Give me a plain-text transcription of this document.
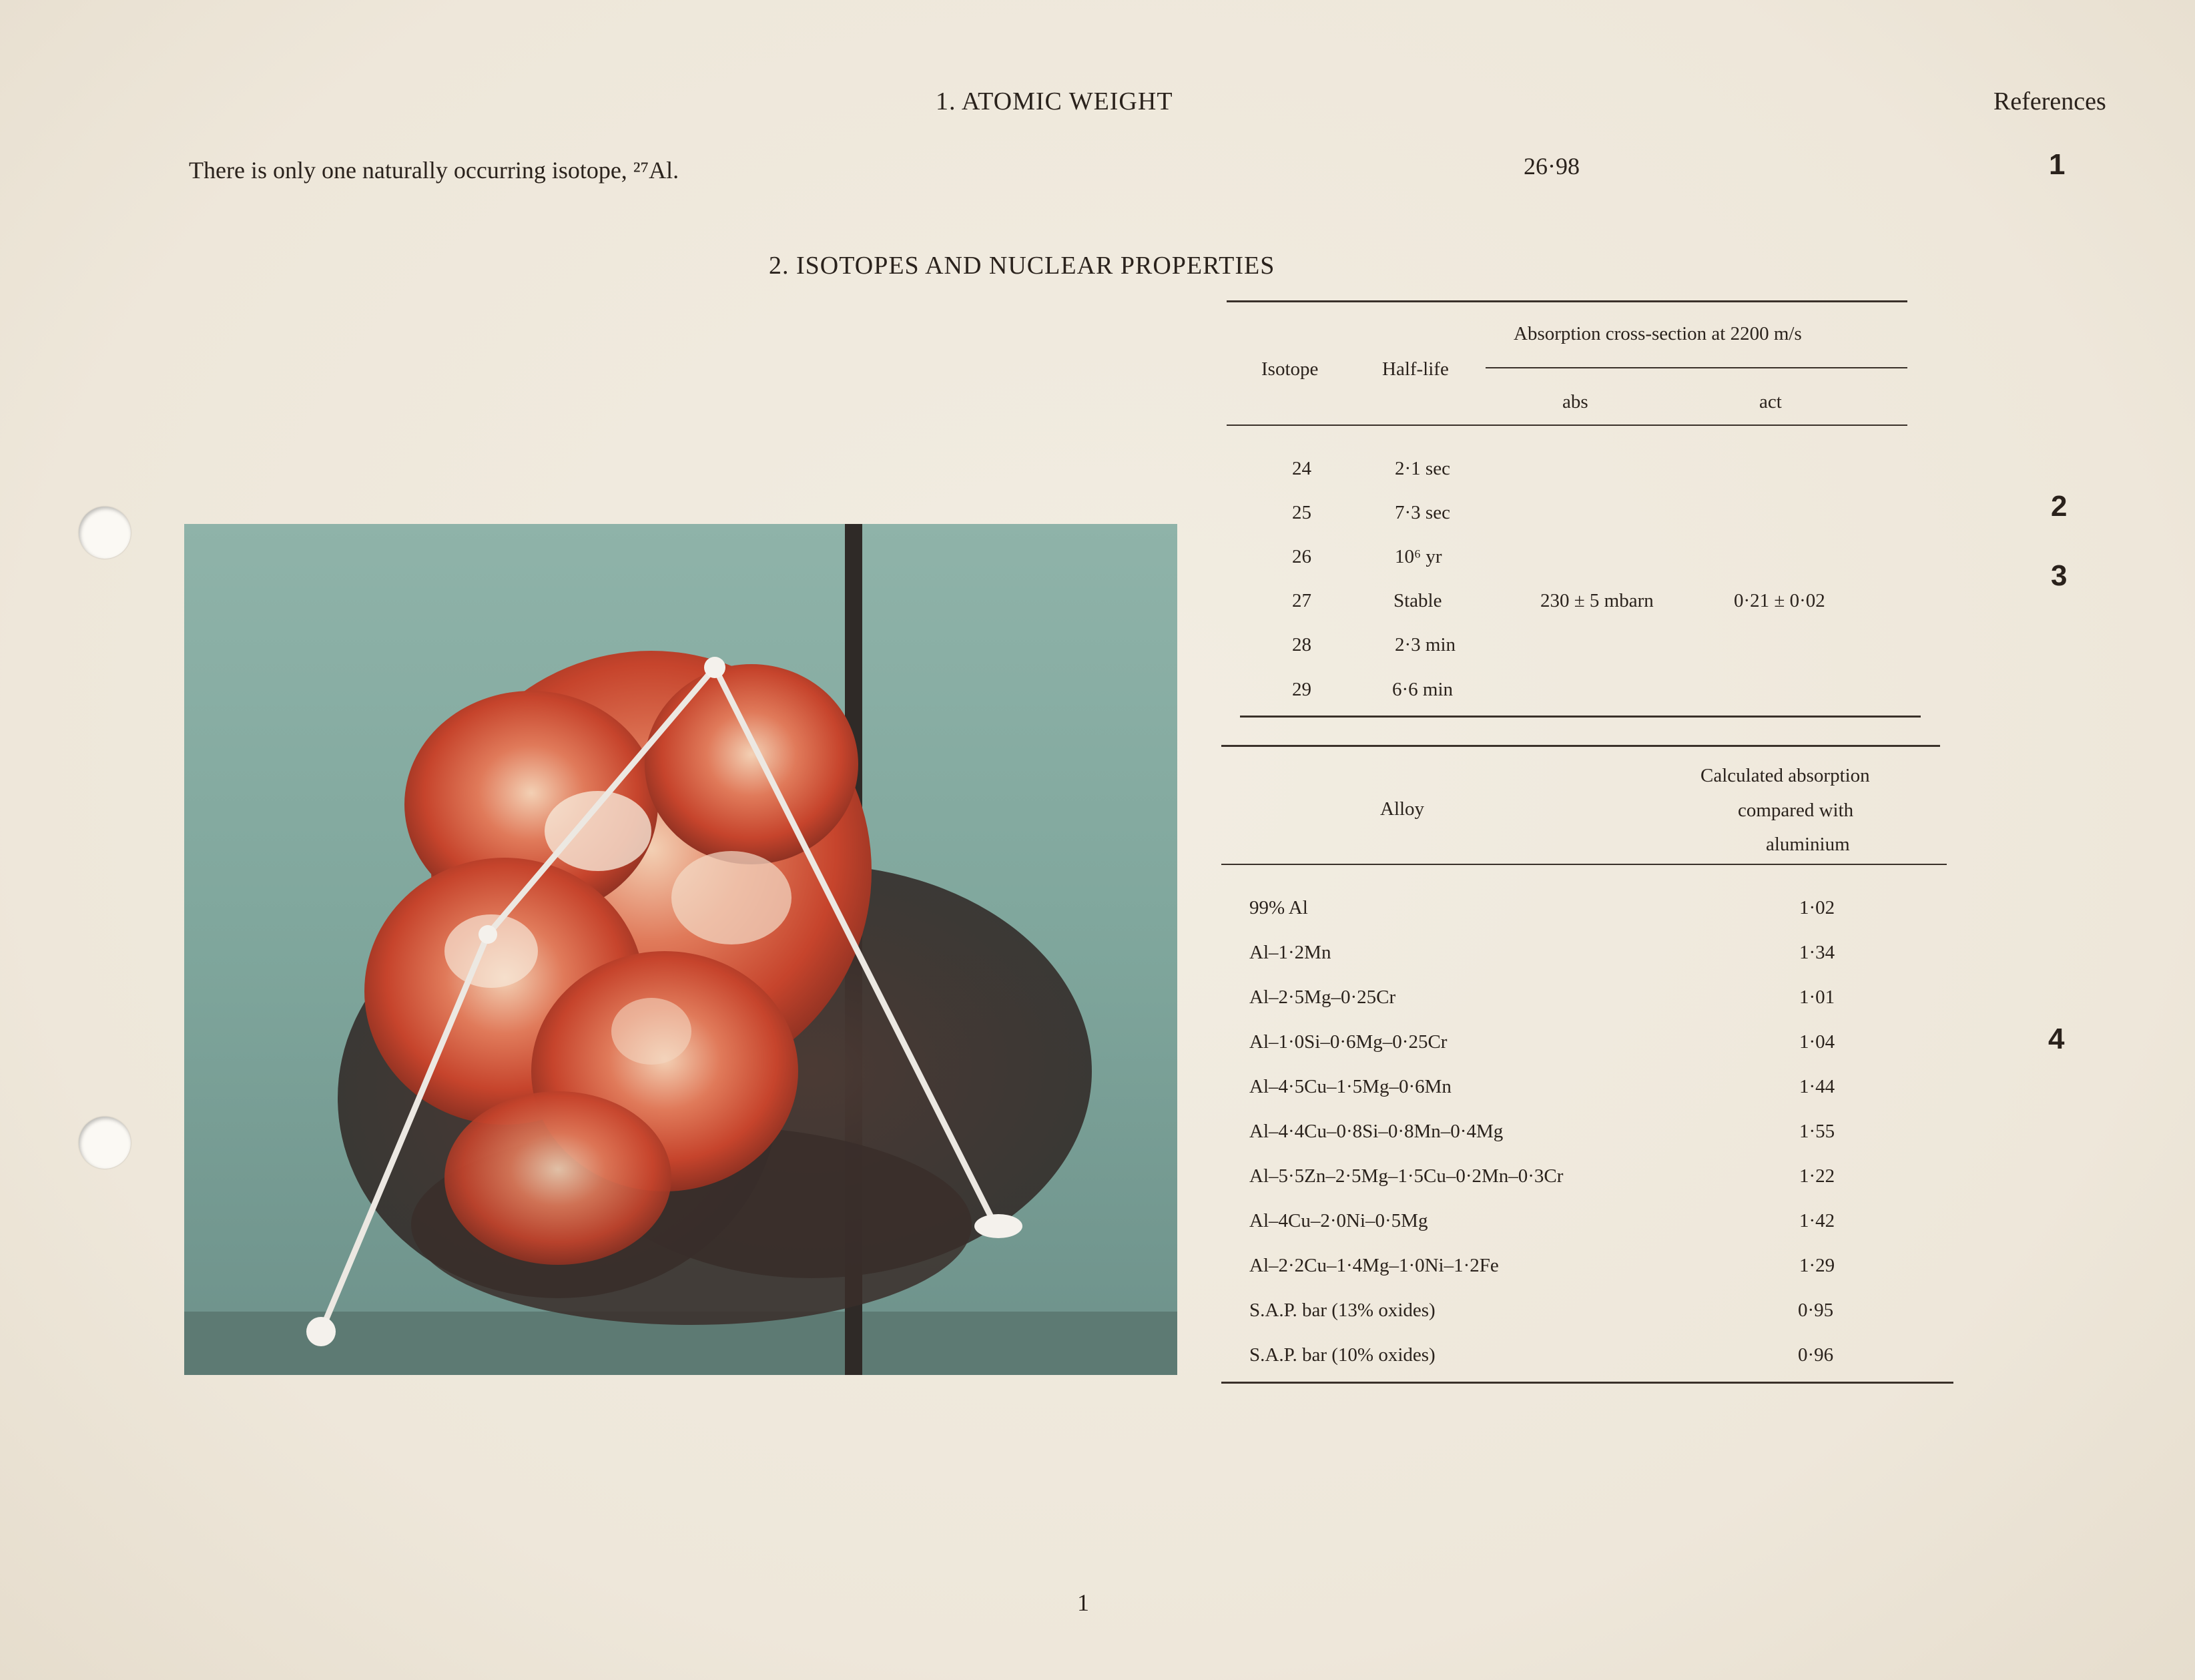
1. ATOMIC WEIGHT	References
There is only one naturally occurring isotope, ²⁷Al.	26·98	1
2. ISOTOPES AND NUCLEAR PROPERTIES
Absorption cross-section at 2200 m/s
Isotope	Half-life
abs	act
24	2·1 sec
25	7·3 sec
26	10⁶ yr
27	Stable	230 ± 5 mbarn	0·21 ± 0·02
28	2·3 min
29	6·6 min
2
3
Calculated absorption
Alloy	compared with
aluminium
99% Al	1·02
Al–1·2Mn	1·34
Al–2·5Mg–0·25Cr	1·01
Al–1·0Si–0·6Mg–0·25Cr	1·04
Al–4·5Cu–1·5Mg–0·6Mn	1·44
Al–4·4Cu–0·8Si–0·8Mn–0·4Mg	1·55
Al–5·5Zn–2·5Mg–1·5Cu–0·2Mn–0·3Cr	1·22
Al–4Cu–2·0Ni–0·5Mg	1·42
Al–2·2Cu–1·4Mg–1·0Ni–1·2Fe	1·29
S.A.P. bar (13% oxides)	0·95
S.A.P. bar (10% oxides)	0·96
4
1
